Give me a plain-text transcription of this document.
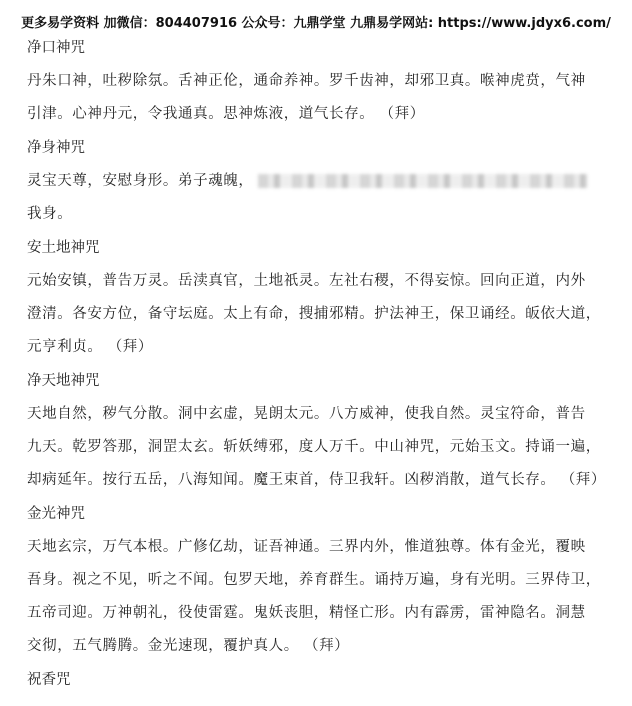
更多易学资料 加微信：804407916 公众号：九鼎学堂 九鼎易学网站: https://www.jdyx6.com/
净口神咒

丹朱口神，吐秽除氛。舌神正伦，通命养神。罗千齿神，却邪卫真。喉神虎贲，气神
引津。心神丹元，令我通真。思神炼液，道气长存。 （拜）

净身神咒

灵宝天尊，安慰身形。弟子魂魄，
我身。

安土地神咒

元始安镇，普告万灵。岳渎真官，土地祇灵。左社右稷，不得妄惊。回向正道，内外
澄清。各安方位，备守坛庭。太上有命，搜捕邪精。护法神王，保卫诵经。皈依大道，
元亨利贞。 （拜）

净天地神咒

天地自然，秽气分散。洞中玄虚，晃朗太元。八方威神，使我自然。灵宝符命，普告
九天。乾罗答那，洞罡太玄。斩妖缚邪，度人万千。中山神咒，元始玉文。持诵一遍，
却病延年。按行五岳，八海知闻。魔王束首，侍卫我轩。凶秽消散，道气长存。 （拜）

金光神咒

天地玄宗，万气本根。广修亿劫，证吾神通。三界内外，惟道独尊。体有金光，覆映
吾身。视之不见，听之不闻。包罗天地，养育群生。诵持万遍，身有光明。三界侍卫，
五帝司迎。万神朝礼，役使雷霆。鬼妖丧胆，精怪亡形。内有霹雳，雷神隐名。洞慧
交彻，五气腾腾。金光速现，覆护真人。 （拜）

祝香咒
